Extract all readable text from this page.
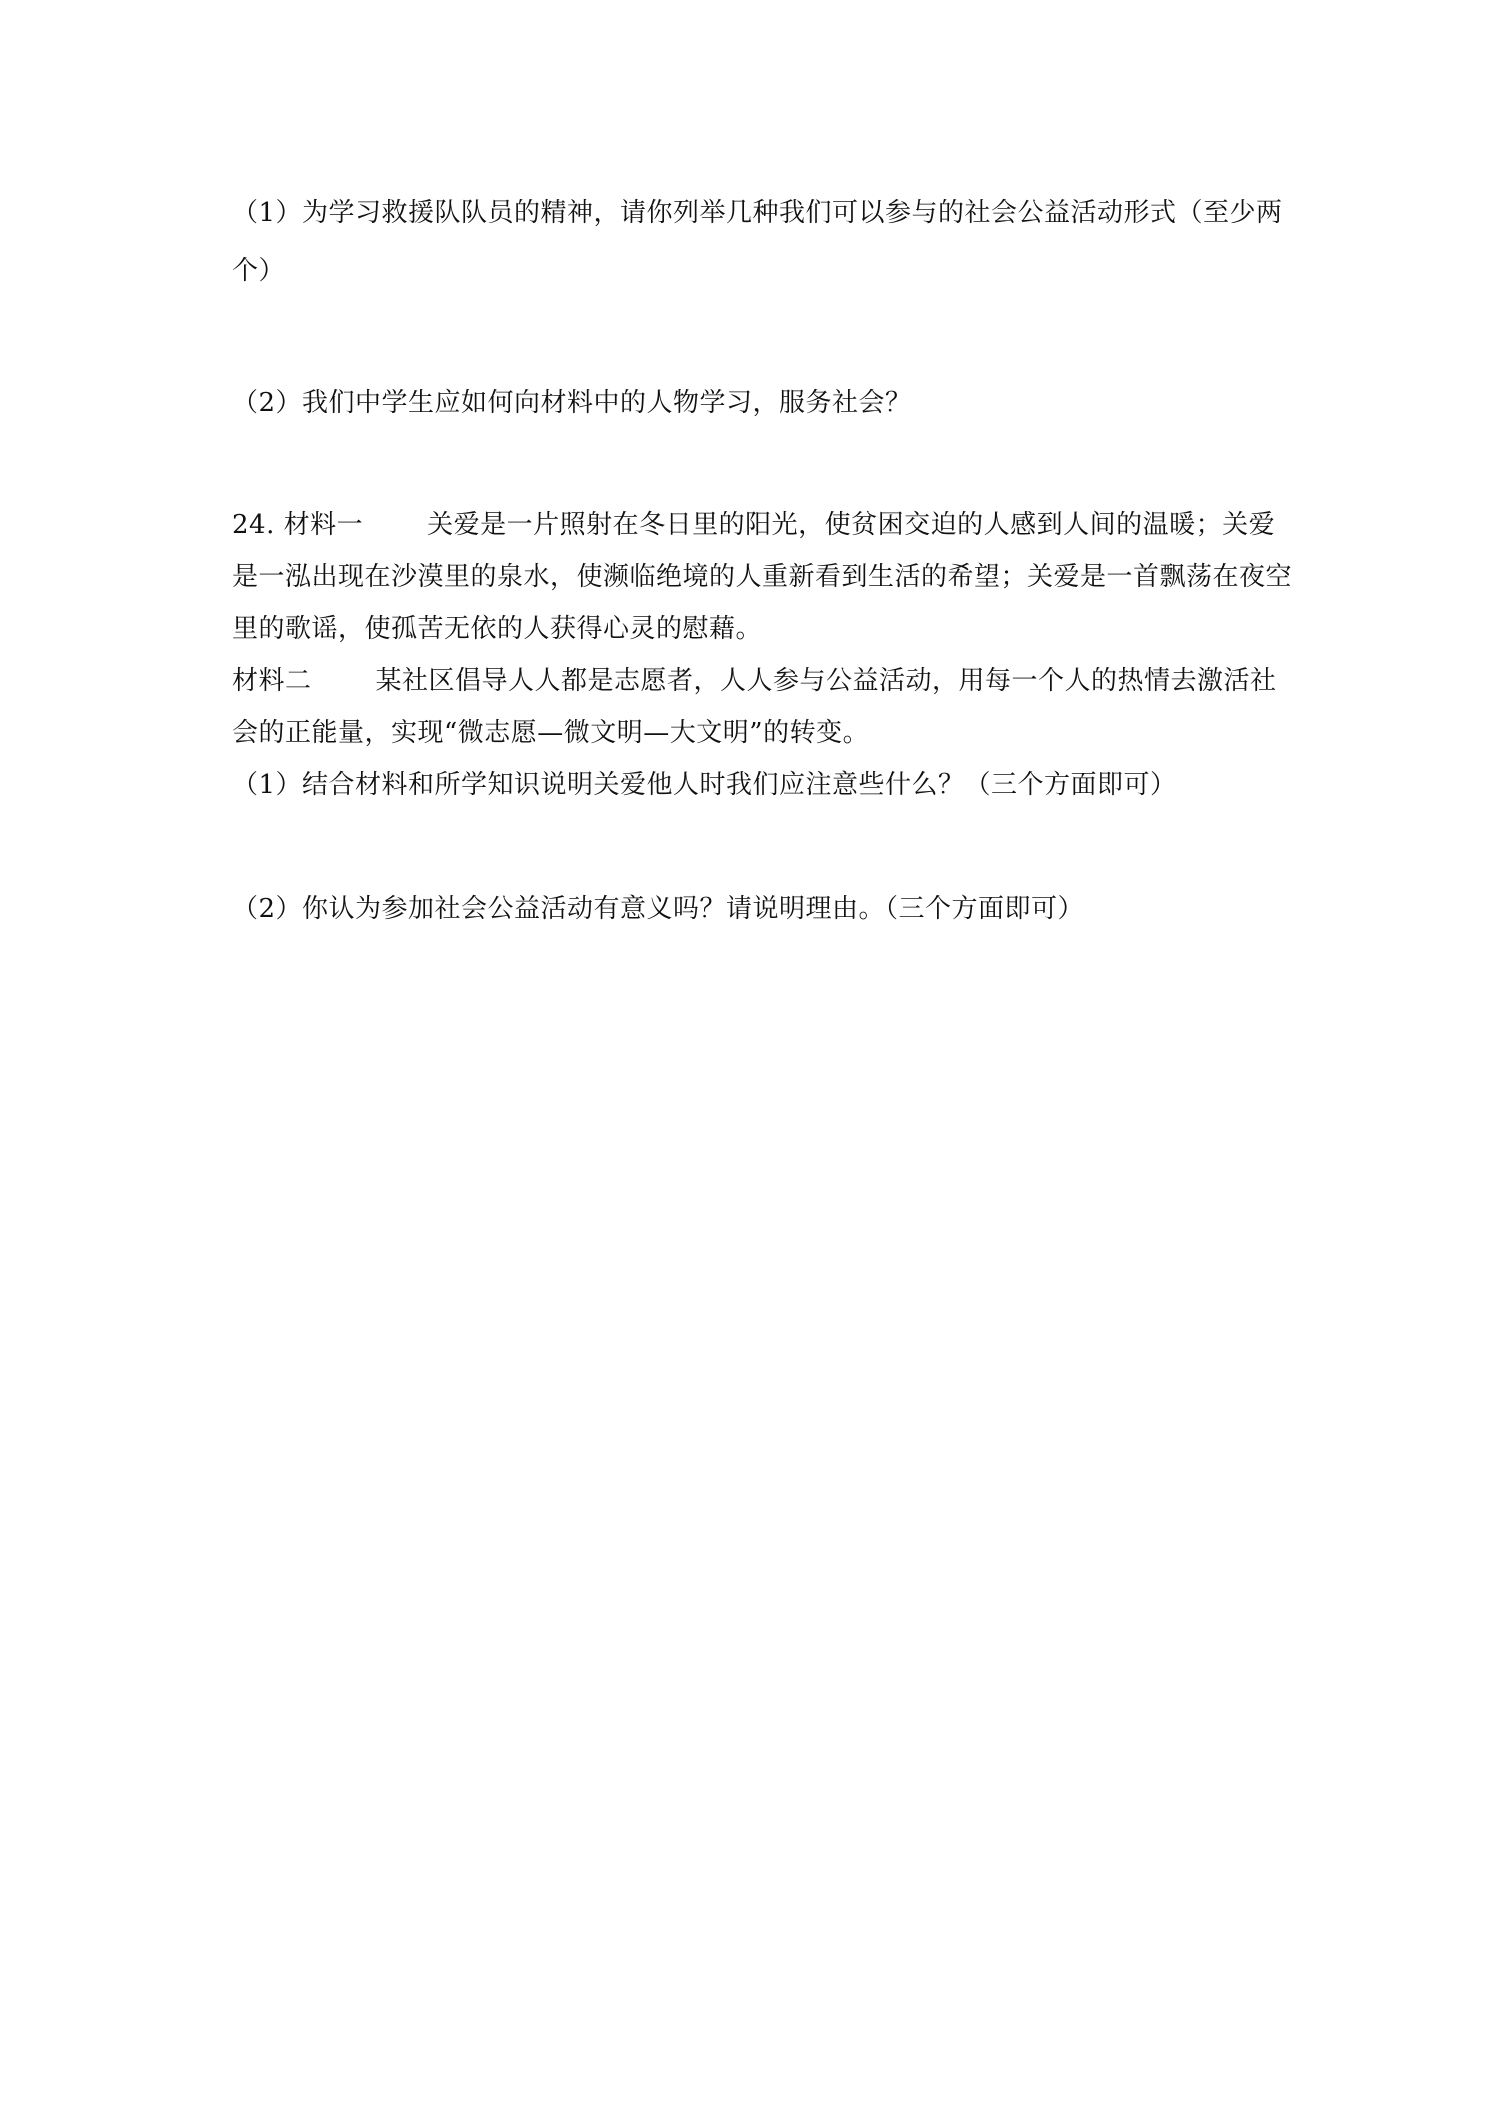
（1）为学习救援队队员的精神，请你列举几种我们可以参与的社会公益活动形式（至少两
个）
（2）我们中学生应如何向材料中的人物学习，服务社会？
24. 材料一 关爱是一片照射在冬日里的阳光，使贫困交迫的人感到人间的温暖；关爱
是一泓出现在沙漠里的泉水，使濒临绝境的人重新看到生活的希望；关爱是一首飘荡在夜空
里的歌谣，使孤苦无依的人获得心灵的慰藉。
材料二 某社区倡导人人都是志愿者，人人参与公益活动，用每一个人的热情去激活社
会的正能量，实现“微志愿—微文明—大文明”的转变。
（1）结合材料和所学知识说明关爱他人时我们应注意些什么？（三个方面即可）
（2）你认为参加社会公益活动有意义吗？请说明理由。（三个方面即可）
